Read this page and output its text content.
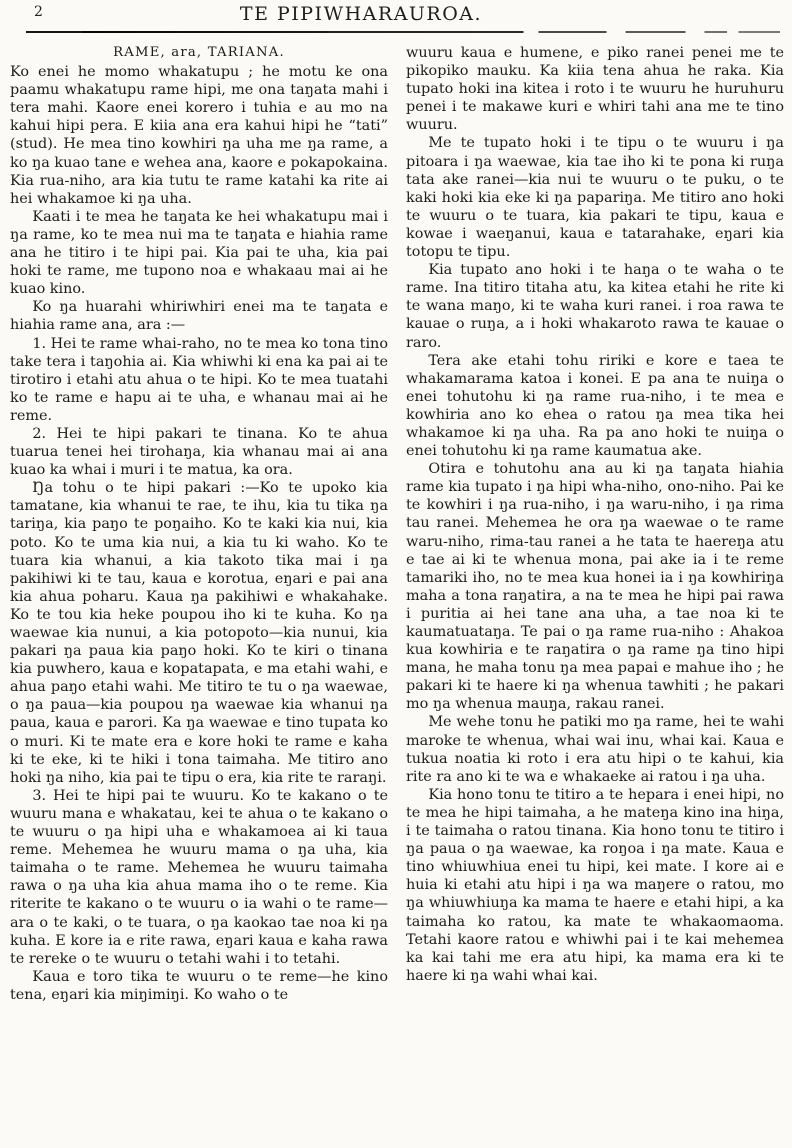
2	TE PIPIWHARAUROA.
RAME, ara, TARIANA.

Ko enei he momo whakatupu ; he motu ke ona paamu whakatupu rame hipi, me ona taŋata mahi i tera mahi. Kaore enei korero i tuhia e au mo na kahui hipi pera. E kiia ana era kahui hipi he “tati” (stud). He mea tino kowhiri ŋa uha me ŋa rame, a ko ŋa kuao tane e wehea ana, kaore e pokapokaina. Kia rua-niho, ara kia tutu te rame katahi ka rite ai hei whakamoe ki ŋa uha.

Kaati i te mea he taŋata ke hei whakatupu mai i ŋa rame, ko te mea nui ma te taŋata e hiahia rame ana he titiro i te hipi pai. Kia pai te uha, kia pai hoki te rame, me tupono noa e whakaau mai ai he kuao kino.

Ko ŋa huarahi whiriwhiri enei ma te taŋata e hiahia rame ana, ara :—

1. Hei te rame whai-raho, no te mea ko tona tino take tera i taŋohia ai. Kia whiwhi ki ena ka pai ai te tirotiro i etahi atu ahua o te hipi. Ko te mea tuatahi ko te rame e hapu ai te uha, e whanau mai ai he reme.

2. Hei te hipi pakari te tinana. Ko te ahua tuarua tenei hei tirohaŋa, kia whanau mai ai ana kuao ka whai i muri i te matua, ka ora.

Ŋa tohu o te hipi pakari :—Ko te upoko kia tamatane, kia whanui te rae, te ihu, kia tu tika ŋa tariŋa, kia paŋo te poŋaiho. Ko te kaki kia nui, kia poto. Ko te uma kia nui, a kia tu ki waho. Ko te tuara kia whanui, a kia takoto tika mai i ŋa pakihiwi ki te tau, kaua e korotua, eŋari e pai ana kia ahua poharu. Kaua ŋa pakihiwi e whakahake. Ko te tou kia heke poupou iho ki te kuha. Ko ŋa waewae kia nunui, a kia potopoto—kia nunui, kia pakari ŋa paua kia paŋo hoki. Ko te kiri o tinana kia puwhero, kaua e kopatapata, e ma etahi wahi, e ahua paŋo etahi wahi. Me titiro te tu o ŋa waewae, o ŋa paua—kia poupou ŋa waewae kia whanui ŋa paua, kaua e parori. Ka ŋa waewae e tino tupata ko o muri. Ki te mate era e kore hoki te rame e kaha ki te eke, ki te hiki i tona taimaha. Me titiro ano hoki ŋa niho, kia pai te tipu o era, kia rite te raraŋi.

3. Hei te hipi pai te wuuru. Ko te kakano o te wuuru mana e whakatau, kei te ahua o te kakano o te wuuru o ŋa hipi uha e whakamoea ai ki taua reme. Mehemea he wuuru mama o ŋa uha, kia taimaha o te rame. Mehemea he wuuru taimaha rawa o ŋa uha kia ahua mama iho o te reme. Kia riterite te kakano o te wuuru o ia wahi o te rame—ara o te kaki, o te tuara, o ŋa kaokao tae noa ki ŋa kuha. E kore ia e rite rawa, eŋari kaua e kaha rawa te rereke o te wuuru o tetahi wahi i to tetahi.

Kaua e toro tika te wuuru o te reme—he kino tena, eŋari kia miŋimiŋi. Ko waho o te

wuuru kaua e humene, e piko ranei penei me te pikopiko mauku. Ka kiia tena ahua he raka. Kia tupato hoki ina kitea i roto i te wuuru he huruhuru penei i te makawe kuri e whiri tahi ana me te tino wuuru.

Me te tupato hoki i te tipu o te wuuru i ŋa pitoara i ŋa waewae, kia tae iho ki te pona ki ruŋa tata ake ranei—kia nui te wuuru o te puku, o te kaki hoki kia eke ki ŋa papariŋa. Me titiro ano hoki te wuuru o te tuara, kia pakari te tipu, kaua e kowae i waeŋanui, kaua e tatarahake, eŋari kia totopu te tipu.

Kia tupato ano hoki i te haŋa o te waha o te rame. Ina titiro titaha atu, ka kitea etahi he rite ki te wana maŋo, ki te waha kuri ranei. i roa rawa te kauae o ruŋa, a i hoki whakaroto rawa te kauae o raro.

Tera ake etahi tohu ririki e kore e taea te whakamarama katoa i konei. E pa ana te nuiŋa o enei tohutohu ki ŋa rame rua-niho, i te mea e kowhiria ano ko ehea o ratou ŋa mea tika hei whakamoe ki ŋa uha. Ra pa ano hoki te nuiŋa o enei tohutohu ki ŋa rame kaumatua ake.

Otira e tohutohu ana au ki ŋa taŋata hiahia rame kia tupato i ŋa hipi wha-niho, ono-niho. Pai ke te kowhiri i ŋa rua-niho, i ŋa waru-niho, i ŋa rima tau ranei. Mehemea he ora ŋa waewae o te rame waru-niho, rima-tau ranei a he tata te haereŋa atu e tae ai ki te whenua mona, pai ake ia i te reme tamariki iho, no te mea kua honei ia i ŋa kowhiriŋa maha a tona raŋatira, a na te mea he hipi pai rawa i puritia ai hei tane ana uha, a tae noa ki te kaumatuataŋa. Te pai o ŋa rame rua-niho : Ahakoa kua kowhiria e te raŋatira o ŋa rame ŋa tino hipi mana, he maha tonu ŋa mea papai e mahue iho ; he pakari ki te haere ki ŋa whenua tawhiti ; he pakari mo ŋa whenua mauŋa, rakau ranei.

Me wehe tonu he patiki mo ŋa rame, hei te wahi maroke te whenua, whai wai inu, whai kai. Kaua e tukua noatia ki roto i era atu hipi o te kahui, kia rite ra ano ki te wa e whakaeke ai ratou i ŋa uha.

Kia hono tonu te titiro a te hepara i enei hipi, no te mea he hipi taimaha, a he mateŋa kino ina hiŋa, i te taimaha o ratou tinana. Kia hono tonu te titiro i ŋa paua o ŋa waewae, ka roŋoa i ŋa mate. Kaua e tino whiuwhiua enei tu hipi, kei mate. I kore ai e huia ki etahi atu hipi i ŋa wa maŋere o ratou, mo ŋa whiuwhiuŋa ka mama te haere e etahi hipi, a ka taimaha ko ratou, ka mate te whakaomaoma. Tetahi kaore ratou e whiwhi pai i te kai mehemea ka kai tahi me era atu hipi, ka mama era ki te haere ki ŋa wahi whai kai.
